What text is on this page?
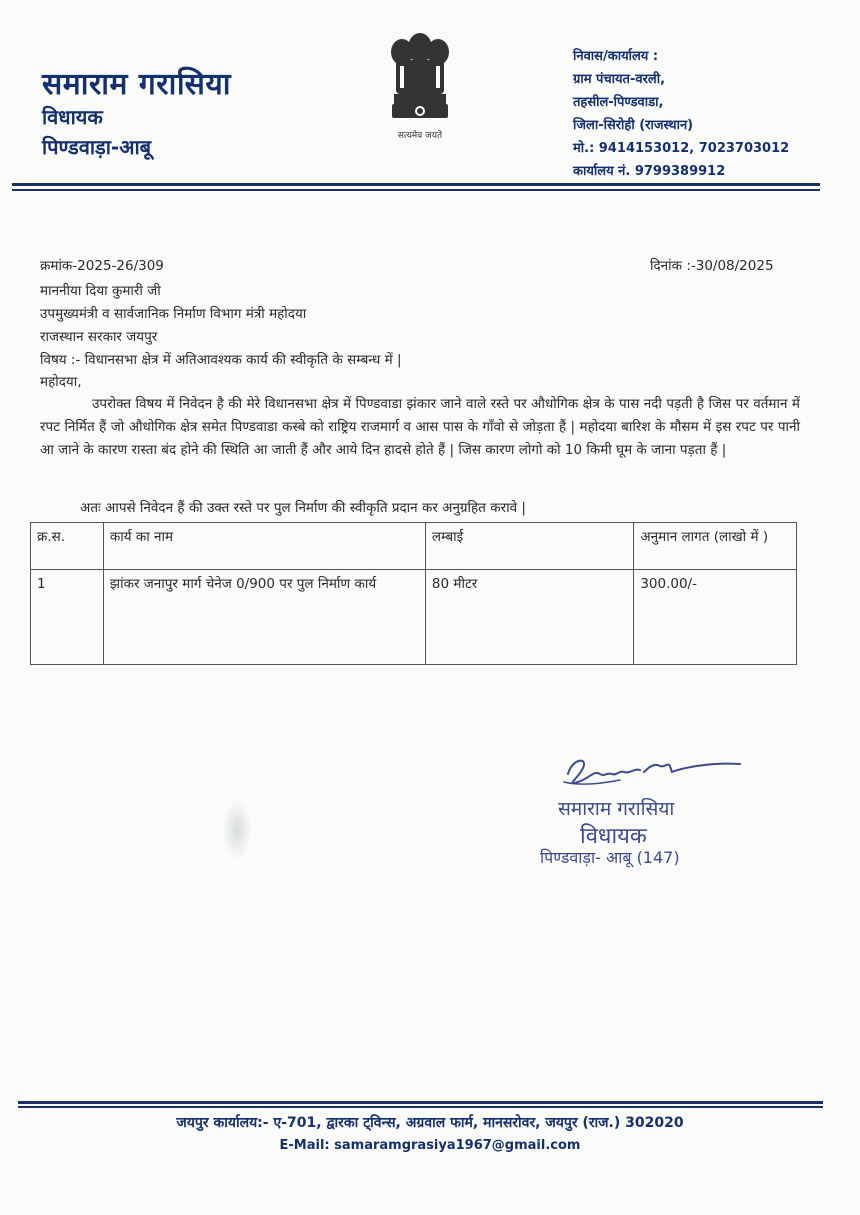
समाराम गरासिया
विधायक
पिण्डवाड़ा-आबू	सत्यमेव जयते
निवास/कार्यालय :
ग्राम पंचायत-वरली,
तहसील-पिण्डवाडा,
जिला-सिरोही (राजस्थान)
मो.: 9414153012, 7023703012
कार्यालय नं. 9799389912
क्रमांक-2025-26/309	दिनांक :-30/08/2025
माननीया दिया कुमारी जी
उपमुख्यमंत्री व सार्वजानिक निर्माण विभाग मंत्री महोदया
राजस्थान सरकार जयपुर
विषय :- विधानसभा क्षेत्र में अतिआवश्यक कार्य की स्वीकृति के सम्बन्ध में |
महोदया,
उपरोक्त विषय में निवेदन है की मेरे विधानसभा क्षेत्र में पिण्डवाडा झंकार जाने वाले रस्ते पर औधोगिक क्षेत्र के पास नदी पड़ती है जिस पर वर्तमान में रपट निर्मित हैं जो औधोगिक क्षेत्र समेत पिण्डवाडा कस्बे को राष्ट्रिय राजमार्ग व आस पास के गाँवो से जोड़ता हैं | महोदया बारिश के मौसम में इस रपट पर पानी आ जाने के कारण रास्ता बंद होने की स्थिति आ जाती हैं और आये दिन हादसे होते हैं | जिस कारण लोगो को 10 किमी घूम के जाना पड़ता हैं |
अतः आपसे निवेदन हैं की उक्त रस्ते पर पुल निर्माण की स्वीकृति प्रदान कर अनुग्रहित करावे |
क्र.स.	कार्य का नाम	लम्बाई	अनुमान लागत (लाखो में )
1	झांकर जनापुर मार्ग चेनेज 0/900 पर पुल निर्माण कार्य	80 मीटर	300.00/-
समाराम गरासिया
विधायक
पिण्डवाड़ा- आबू (147)
जयपुर कार्यालय:- ए-701, द्वारका ट्विन्स, अग्रवाल फार्म, मानसरोवर, जयपुर (राज.) 302020
E-Mail: samaramgrasiya1967@gmail.com
